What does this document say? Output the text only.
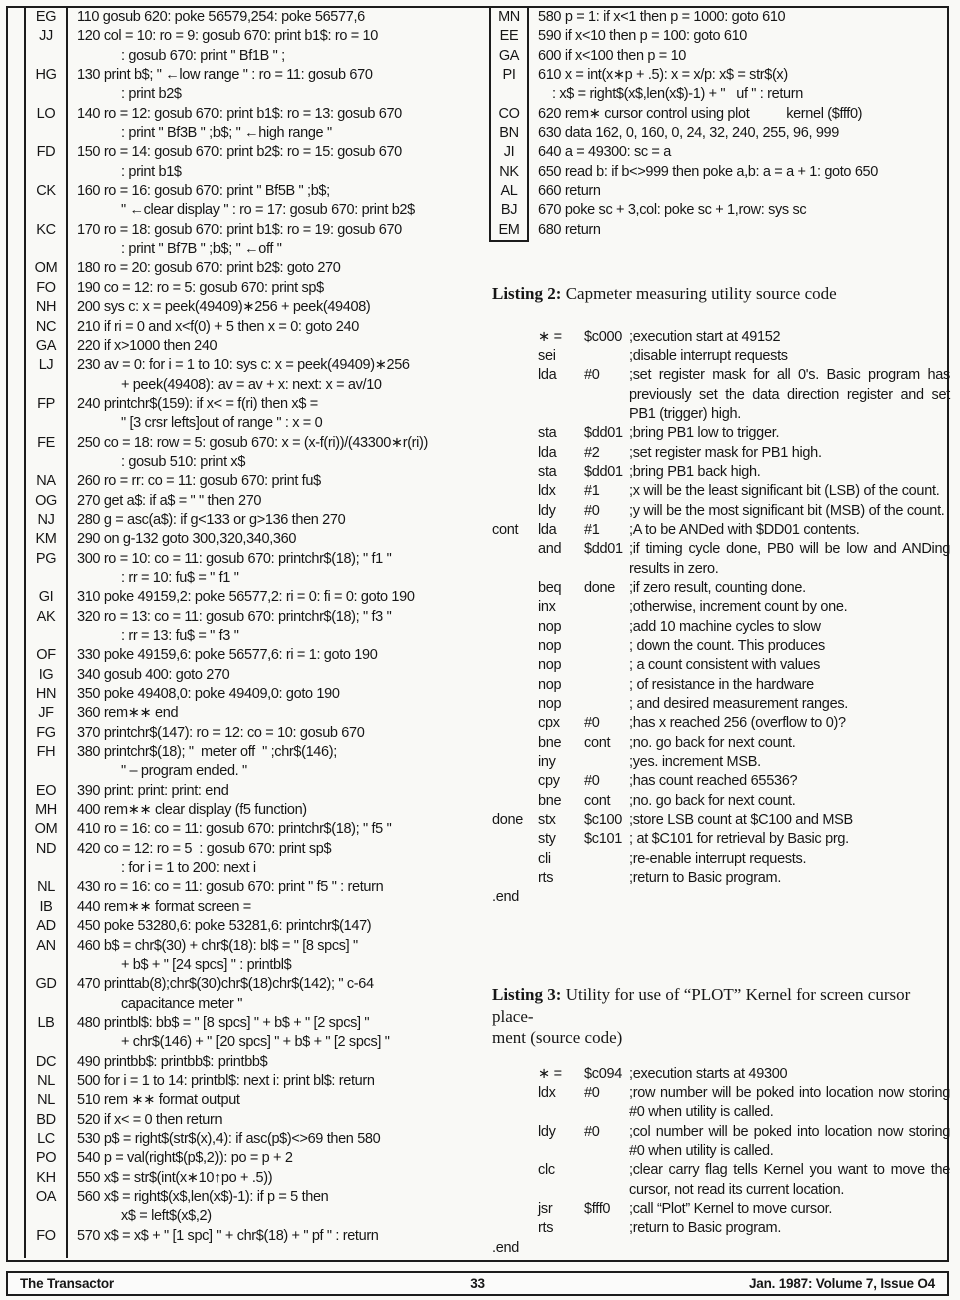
EG	110 gosub 620: poke 56579,254: poke 56577,6
JJ	120 col = 10: ro = 9: gosub 670: print b1$: ro = 10
: gosub 670: print " Bf1B " ;
HG	130 print b$; " ←low range " : ro = 11: gosub 670
: print b2$
LO	140 ro = 12: gosub 670: print b1$: ro = 13: gosub 670
: print " Bf3B " ;b$; " ←high range "
FD	150 ro = 14: gosub 670: print b2$: ro = 15: gosub 670
: print b1$
CK	160 ro = 16: gosub 670: print " Bf5B " ;b$;
" ←clear display " : ro = 17: gosub 670: print b2$
KC	170 ro = 18: gosub 670: print b1$: ro = 19: gosub 670
: print " Bf7B " ;b$; " ←off "
OM	180 ro = 20: gosub 670: print b2$: goto 270
FO	190 co = 12: ro = 5: gosub 670: print sp$
NH	200 sys c: x = peek(49409)∗256 + peek(49408)
NC	210 if ri = 0 and x<f(0) + 5 then x = 0: goto 240
GA	220 if x>1000 then 240
LJ	230 av = 0: for i = 1 to 10: sys c: x = peek(49409)∗256
+ peek(49408): av = av + x: next: x = av/10
FP	240 printchr$(159): if x< = f(ri) then x$ =
" [3 crsr lefts]out of range " : x = 0
FE	250 co = 18: row = 5: gosub 670: x = (x-f(ri))/(43300∗r(ri))
: gosub 510: print x$
NA	260 ro = rr: co = 11: gosub 670: print fu$
OG	270 get a$: if a$ = " " then 270
NJ	280 g = asc(a$): if g<133 or g>136 then 270
KM	290 on g-132 goto 300,320,340,360
PG	300 ro = 10: co = 11: gosub 670: printchr$(18); " f1 "
: rr = 10: fu$ = " f1 "
GI	310 poke 49159,2: poke 56577,2: ri = 0: fi = 0: goto 190
AK	320 ro = 13: co = 11: gosub 670: printchr$(18); " f3 "
: rr = 13: fu$ = " f3 "
OF	330 poke 49159,6: poke 56577,6: ri = 1: goto 190
IG	340 gosub 400: goto 270
HN	350 poke 49408,0: poke 49409,0: goto 190
JF	360 rem∗∗ end
FG	370 printchr$(147): ro = 12: co = 10: gosub 670
FH	380 printchr$(18); "  meter off  " ;chr$(146);
" – program ended. "
EO	390 print: print: print: end
MH	400 rem∗∗ clear display (f5 function)
OM	410 ro = 16: co = 11: gosub 670: printchr$(18); " f5 "
ND	420 co = 12: ro = 5  : gosub 670: print sp$
: for i = 1 to 200: next i
NL	430 ro = 16: co = 11: gosub 670: print " f5 " : return
IB	440 rem∗∗ format screen =
AD	450 poke 53280,6: poke 53281,6: printchr$(147)
AN	460 b$ = chr$(30) + chr$(18): bl$ = " [8 spcs] "
+ b$ + " [24 spcs] " : printbl$
GD	470 printtab(8);chr$(30)chr$(18)chr$(142); " c-64
capacitance meter "
LB	480 printbl$: bb$ = " [8 spcs] " + b$ + " [2 spcs] "
+ chr$(146) + " [20 spcs] " + b$ + " [2 spcs] "
DC	490 printbb$: printbb$: printbb$
NL	500 for i = 1 to 14: printbl$: next i: print bl$: return
NL	510 rem ∗∗ format output
BD	520 if x< = 0 then return
LC	530 p$ = right$(str$(x),4): if asc(p$)<>69 then 580
PO	540 p = val(right$(p$,2)): po = p + 2
KH	550 x$ = str$(int(x∗10↑po + .5))
OA	560 x$ = right$(x$,len(x$)-1): if p = 5 then
x$ = left$(x$,2)
FO	570 x$ = x$ + " [1 spc] " + chr$(18) + " pf " : return
MN	580 p = 1: if x<1 then p = 1000: goto 610
EE	590 if x<10 then p = 100: goto 610
GA	600 if x<100 then p = 10
PI	610 x = int(x∗p + .5): x = x/p: x$ = str$(x)
: x$ = right$(x$,len(x$)-1) + "   uf " : return
CO	620 rem∗ cursor control using plot          kernel ($fff0)
BN	630 data 162, 0, 160, 0, 24, 32, 240, 255, 96, 999
JI	640 a = 49300: sc = a
NK	650 read b: if b<>999 then poke a,b: a = a + 1: goto 650
AL	660 return
BJ	670 poke sc + 3,col: poke sc + 1,row: sys sc
EM	680 return

Listing 2: Capmeter measuring utility source code

∗ =	$c000 ;execution start at 49152
sei	;disable interrupt requests
lda	#0	;set register mask for all 0's. Basic program has previously set the data direction register and set PB1 (trigger) high.
sta	$dd01 ;bring PB1 low to trigger.
lda	#2	;set register mask for PB1 high.
sta	$dd01 ;bring PB1 back high.
ldx	#1	;x will be the least significant bit (LSB) of the count.
ldy	#0	;y will be the most significant bit (MSB) of the count.
cont	lda	#1	;A to be ANDed with $DD01 contents.
and	$dd01 ;if timing cycle done, PB0 will be low and ANDing results in zero.
beq	done ;if zero result, counting done.
inx	;otherwise, increment count by one.
nop	;add 10 machine cycles to slow
nop	; down the count. This produces
nop	; a count consistent with values
nop	; of resistance in the hardware
nop	; and desired measurement ranges.
cpx	#0	;has x reached 256 (overflow to 0)?
bne	cont	;no. go back for next count.
iny	;yes. increment MSB.
cpy	#0	;has count reached 65536?
bne	cont	;no. go back for next count.
done	stx	$c100 ;store LSB count at $C100 and MSB
sty	$c101 ; at $C101 for retrieval by Basic prg.
cli	;re-enable interrupt requests.
rts	;return to Basic program.
.end

Listing 3: Utility for use of “PLOT” Kernel for screen cursor place-
ment (source code)

∗ =	$c094 ;execution starts at 49300
ldx	#0	;row number will be poked into location now storing #0 when utility is called.
ldy	#0	;col number will be poked into location now storing #0 when utility is called.
clc	;clear carry flag tells Kernel you want to move the cursor, not read its current location.
jsr	$fff0	;call “Plot” Kernel to move cursor.
rts	;return to Basic program.
.end
The Transactor	33	Jan. 1987: Volume 7, Issue O4
